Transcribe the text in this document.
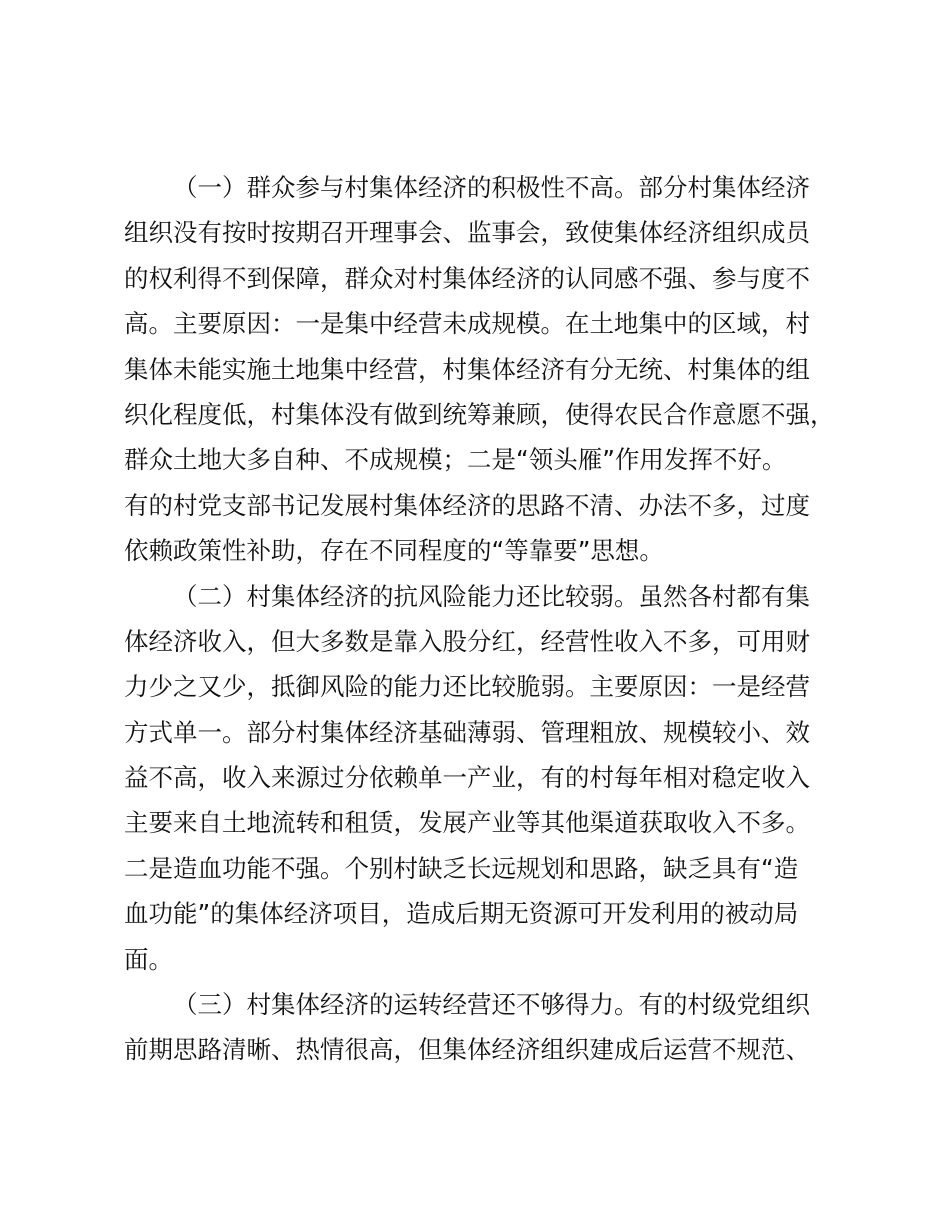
（一）群众参与村集体经济的积极性不高。部分村集体经济
组织没有按时按期召开理事会、监事会，致使集体经济组织成员
的权利得不到保障，群众对村集体经济的认同感不强、参与度不
高。主要原因：一是集中经营未成规模。在土地集中的区域，村
集体未能实施土地集中经营，村集体经济有分无统、村集体的组
织化程度低，村集体没有做到统筹兼顾，使得农民合作意愿不强，
群众土地大多自种、不成规模；二是“领头雁”作用发挥不好。
有的村党支部书记发展村集体经济的思路不清、办法不多，过度
依赖政策性补助，存在不同程度的“等靠要”思想。
（二）村集体经济的抗风险能力还比较弱。虽然各村都有集
体经济收入，但大多数是靠入股分红，经营性收入不多，可用财
力少之又少，抵御风险的能力还比较脆弱。主要原因：一是经营
方式单一。部分村集体经济基础薄弱、管理粗放、规模较小、效
益不高，收入来源过分依赖单一产业，有的村每年相对稳定收入
主要来自土地流转和租赁，发展产业等其他渠道获取收入不多。
二是造血功能不强。个别村缺乏长远规划和思路，缺乏具有“造
血功能”的集体经济项目，造成后期无资源可开发利用的被动局
面。
（三）村集体经济的运转经营还不够得力。有的村级党组织
前期思路清晰、热情很高，但集体经济组织建成后运营不规范、
